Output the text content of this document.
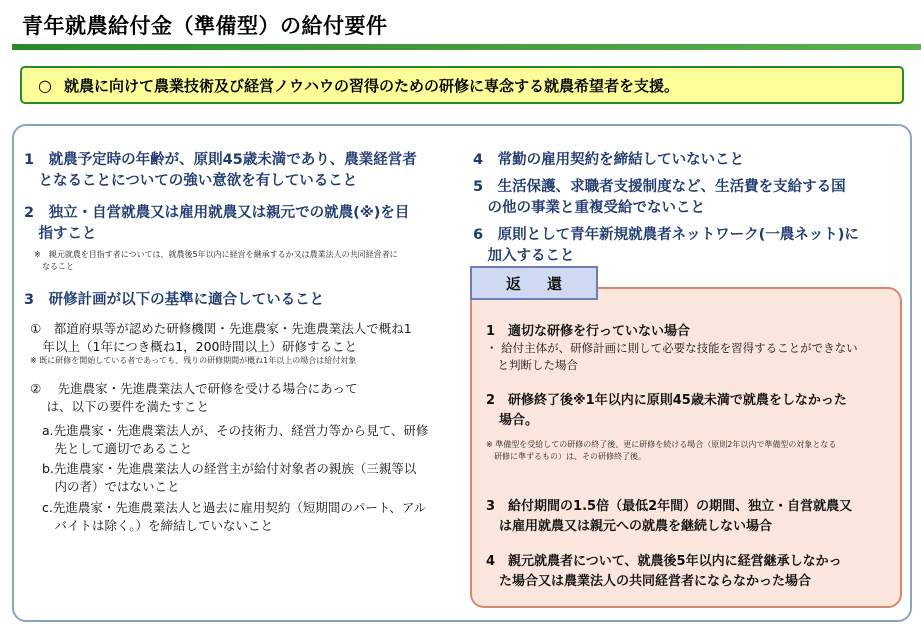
青年就農給付金（準備型）の給付要件
○ 就農に向けて農業技術及び経営ノウハウの習得のための研修に専念する就農希望者を支援。
1　就農予定時の年齢が、原則45歳未満であり、農業経営者
　となることについての強い意欲を有していること
2　独立・自営就農又は雇用就農又は親元での就農(※)を目
　指すこと
※　親元就農を目指す者については、就農後5年以内に経営を継承するか又は農業法人の共同経営者に
　なること
3　研修計画が以下の基準に適合していること
①　都道府県等が認めた研修機関・先進農家・先進農業法人で概ね1
　年以上（1年につき概ね1，200時間以上）研修すること
※ 既に研修を開始している者であっても、残りの研修期間が概ね1年以上の場合は給付対象
②　 先進農家・先進農業法人で研修を受ける場合にあって
　 は、以下の要件を満たすこと
a.先進農家・先進農業法人が、その技術力、経営力等から見て、研修
　先として適切であること
b.先進農家・先進農業法人の経営主が給付対象者の親族（三親等以
　内の者）ではないこと
c.先進農家・先進農業法人と過去に雇用契約（短期間のパート、アル
　バイトは除く。）を締結していないこと
4　常勤の雇用契約を締結していないこと
5　生活保護、求職者支援制度など、生活費を支給する国
　の他の事業と重複受給でないこと
6　原則として青年新規就農者ネットワーク(一農ネット)に
　加入すること
返還
1　適切な研修を行っていない場合
・ 給付主体が、研修計画に則して必要な技能を習得することができない
　と判断した場合
2　研修終了後※1年以内に原則45歳未満で就農をしなかった
　場合。
※ 準備型を受給しての研修の終了後、更に研修を続ける場合（原則2年以内で準備型の対象となる
　研修に準ずるもの）は、その研修終了後。
3　給付期間の1.5倍（最低2年間）の期間、独立・自営就農又
　は雇用就農又は親元への就農を継続しない場合
4　親元就農者について、就農後5年以内に経営継承しなかっ
　た場合又は農業法人の共同経営者にならなかった場合
